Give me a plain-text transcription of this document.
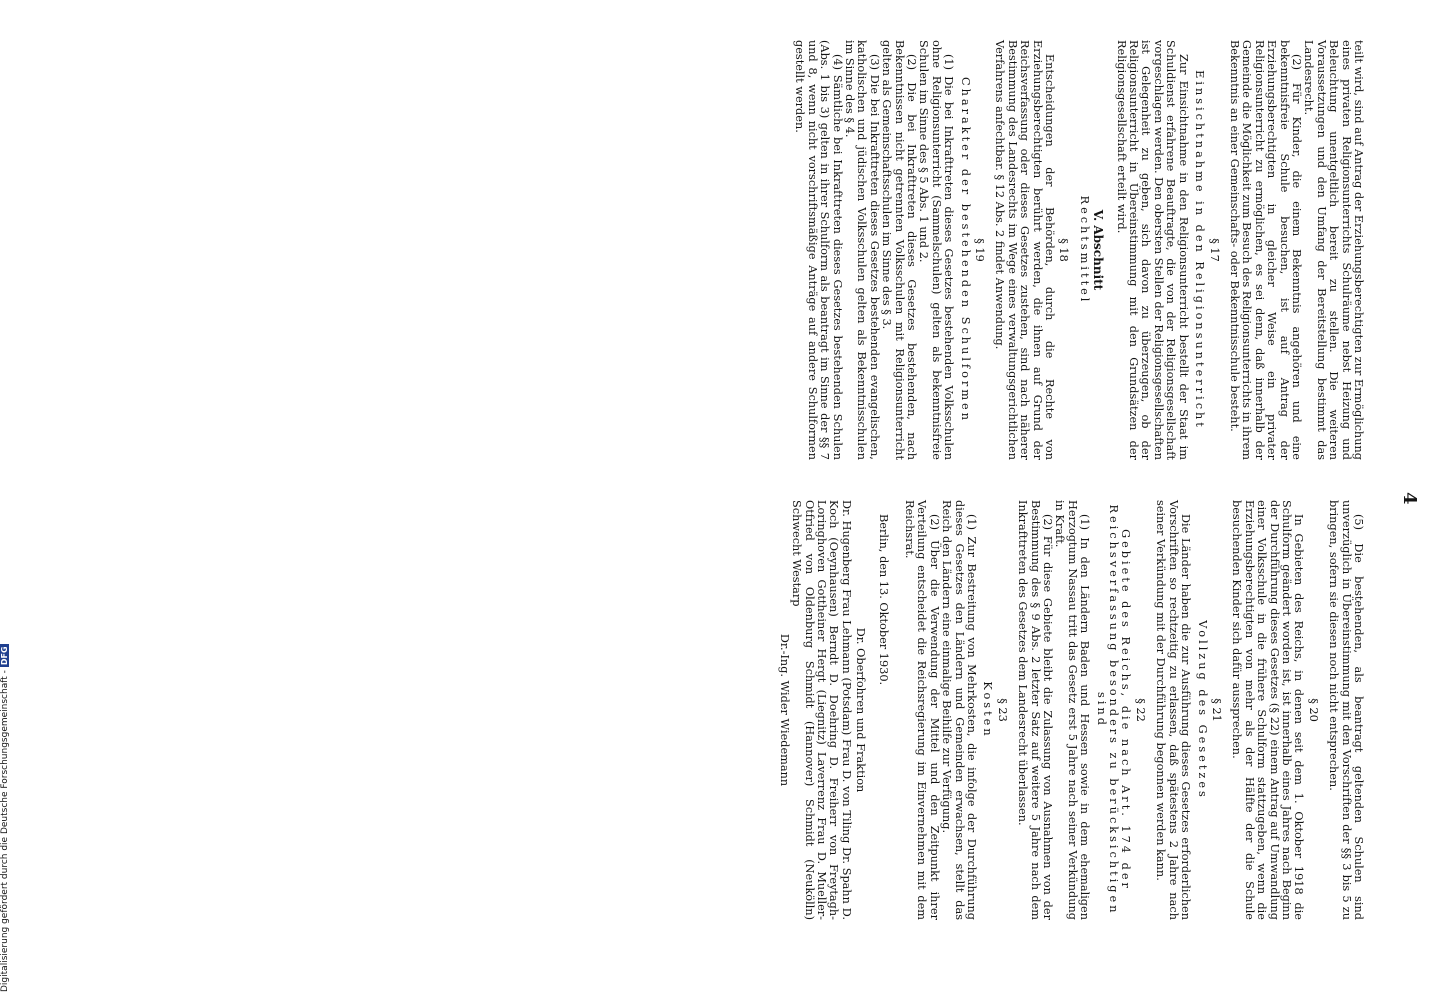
4

teilt wird, sind auf Antrag der Erziehungsberechtigten zur Ermöglichung eines privaten Religionsunterrichts Schulräume nebst Heizung und Beleuchtung unentgeltlich bereit zu stellen. Die weiteren Voraussetzungen und den Umfang der Bereitstellung bestimmt das Landesrecht.

(2) Für Kinder, die einem Bekenntnis angehören und eine bekenntnisfreie Schule besuchen, ist auf Antrag der Erziehungsberechtigten in gleicher Weise ein privater Religionsunterricht zu ermöglichen, es sei denn, daß innerhalb der Gemeinde die Möglichkeit zum Besuch des Religionsunterrichts in ihrem Bekenntnis an einer Gemeinschafts- oder Bekenntnisschule besteht.

§ 17

Einsichtnahme in den Religionsunterricht

Zur Einsichtnahme in den Religionsunterricht bestellt der Staat im Schuldienst erfahrene Beauftragte, die von der Religionsgesellschaft vorgeschlagen werden. Den obersten Stellen der Religionsgesellschaften ist Gelegenheit zu geben, sich davon zu überzeugen, ob der Religionsunterricht in Übereinstimmung mit den Grundsätzen der Religionsgesellschaft erteilt wird.

V. Abschnitt

Rechtsmittel

§ 18

Entscheidungen der Behörden, durch die Rechte von Erziehungsberechtigten berührt werden, die ihnen auf Grund der Reichsverfassung oder dieses Gesetzes zustehen, sind nach näherer Bestimmung des Landesrechts im Wege eines verwaltungsgerichtlichen Verfahrens anfechtbar. § 12 Abs. 2 findet Anwendung.

§ 19

Charakter der bestehenden Schulformen

(1) Die bei Inkrafttreten dieses Gesetzes bestehenden Volksschulen ohne Religionsunterricht (Sammelschulen) gelten als bekenntnisfreie Schulen im Sinne des § 5 Abs. 1 und 2.

(2) Die bei Inkrafttreten dieses Gesetzes bestehenden, nach Bekenntnissen nicht getrennten Volksschulen mit Religionsunterricht gelten als Gemeinschaftsschulen im Sinne des § 3.

(3) Die bei Inkrafttreten dieses Gesetzes bestehenden evangelischen, katholischen und jüdischen Volksschulen gelten als Bekenntnisschulen im Sinne des § 4.

(4) Sämtliche bei Inkrafttreten dieses Gesetzes bestehenden Schulen (Abs. 1 bis 3) gelten in ihrer Schulform als beantragt im Sinne der §§ 7 und 8, wenn nicht vorschriftsmäßige Anträge auf andere Schulformen gestellt werden.

(5) Die bestehenden, als beantragt geltenden Schulen sind unverzüglich in Übereinstimmung mit den Vorschriften der §§ 3 bis 5 zu bringen, sofern sie diesen noch nicht entsprechen.

§ 20

In Gebieten des Reichs, in denen seit dem 1. Oktober 1918 die Schulform geändert worden ist, ist innerhalb eines Jahres nach Beginn der Durchführung dieses Gesetzes (§ 22) einem Antrag auf Umwandlung einer Volksschule in die frühere Schulform stattzugeben, wenn die Erziehungsberechtigten von mehr als der Hälfte der die Schule besuchenden Kinder sich dafür aussprechen.

§ 21

Vollzug des Gesetzes

Die Länder haben die zur Ausführung dieses Gesetzes erforderlichen Vorschriften so rechtzeitig zu erlassen, daß spätestens 2 Jahre nach seiner Verkündung mit der Durchführung begonnen werden kann.

§ 22

Gebiete des Reichs, die nach Art. 174 der Reichsverfassung besonders zu berücksichtigen sind

(1) In den Ländern Baden und Hessen sowie in dem ehemaligen Herzogtum Nassau tritt das Gesetz erst 5 Jahre nach seiner Verkündung in Kraft.

(2) Für diese Gebiete bleibt die Zulassung von Ausnahmen von der Bestimmung des § 9 Abs. 2 letzter Satz auf weitere 5 Jahre nach dem Inkrafttreten des Gesetzes dem Landesrecht überlassen.

§ 23

Kosten

(1) Zur Bestreitung von Mehrkosten, die infolge der Durchführung dieses Gesetzes den Ländern und Gemeinden erwachsen, stellt das Reich den Ländern eine einmalige Beihilfe zur Verfügung.

(2) Über die Verwendung der Mittel und den Zeitpunkt ihrer Verteilung entscheidet die Reichsregierung im Einvernehmen mit dem Reichsrat.

Berlin, den 13. Oktober 1930.

Dr. Oberfohren und Fraktion

Dr. Hugenberg Frau Lehmann (Potsdam) Frau D. von Tiling Dr. Spahn D. Koch (Oeynhausen) Berndt D. Doehring D. Freiherr von Freytagh-Loringhoven Gottheiner Hergt (Liegnitz) Laverrenz Frau D. Mueller-Otfried von Oldenburg Schmidt (Hannover) Schmidt (Neukölln) Schwecht Westarp

Dr.-Ing. Wider Wiedemann

Digitalisierung gefördert durch die Deutsche Forschungsgemeinschaft -DFG
